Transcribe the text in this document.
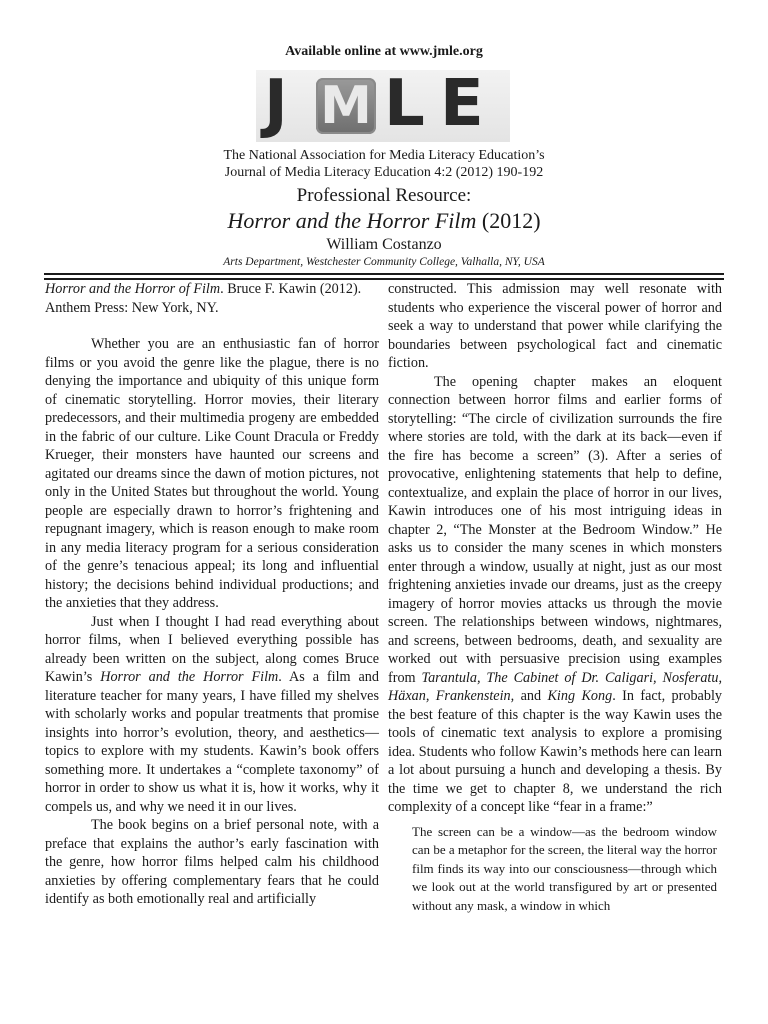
Available online at www.jmle.org
J M L E
The National Association for Media Literacy Education’s
Journal of Media Literacy Education 4:2 (2012) 190-192
Professional Resource:
Horror and the Horror Film (2012)
William Costanzo
Arts Department, Westchester Community College, Valhalla, NY, USA

Horror and the Horror of Film. Bruce F. Kawin (2012). Anthem Press: New York, NY.

Whether you are an enthusiastic fan of horror films or you avoid the genre like the plague, there is no denying the importance and ubiquity of this unique form of cinematic storytelling. Horror movies, their literary predecessors, and their multimedia progeny are embedded in the fabric of our culture. Like Count Dracula or Freddy Krueger, their monsters have haunted our screens and agitated our dreams since the dawn of motion pictures, not only in the United States but throughout the world. Young people are especially drawn to horror’s frightening and repugnant imagery, which is reason enough to make room in any media literacy program for a serious consideration of the genre’s tenacious appeal; its long and influential history; the decisions behind individual productions; and the anxieties that they address.

Just when I thought I had read everything about horror films, when I believed everything possible has already been written on the subject, along comes Bruce Kawin’s Horror and the Horror Film. As a film and literature teacher for many years, I have filled my shelves with scholarly works and popular treatments that promise insights into horror’s evolution, theory, and aesthetics—topics to explore with my students. Kawin’s book offers something more. It undertakes a “complete taxonomy” of horror in order to show us what it is, how it works, why it compels us, and why we need it in our lives.

The book begins on a brief personal note, with a preface that explains the author’s early fascination with the genre, how horror films helped calm his childhood anxieties by offering complementary fears that he could identify as both emotionally real and artificially

constructed. This admission may well resonate with students who experience the visceral power of horror and seek a way to understand that power while clarifying the boundaries between psychological fact and cinematic fiction.

The opening chapter makes an eloquent connection between horror films and earlier forms of storytelling: “The circle of civilization surrounds the fire where stories are told, with the dark at its back—even if the fire has become a screen” (3). After a series of provocative, enlightening statements that help to define, contextualize, and explain the place of horror in our lives, Kawin introduces one of his most intriguing ideas in chapter 2, “The Monster at the Bedroom Window.” He asks us to consider the many scenes in which monsters enter through a window, usually at night, just as our most frightening anxieties invade our dreams, just as the creepy imagery of horror movies attacks us through the movie screen. The relationships between windows, nightmares, and screens, between bedrooms, death, and sexuality are worked out with persuasive precision using examples from Tarantula, The Cabinet of Dr. Caligari, Nosferatu, Häxan, Frankenstein, and King Kong. In fact, probably the best feature of this chapter is the way Kawin uses the tools of cinematic text analysis to explore a promising idea. Students who follow Kawin’s methods here can learn a lot about pursuing a hunch and developing a thesis. By the time we get to chapter 8, we understand the rich complexity of a concept like “fear in a frame:”

The screen can be a window—as the bedroom window can be a metaphor for the screen, the literal way the horror film finds its way into our consciousness—through which we look out at the world transfigured by art or presented without any mask, a window in which
